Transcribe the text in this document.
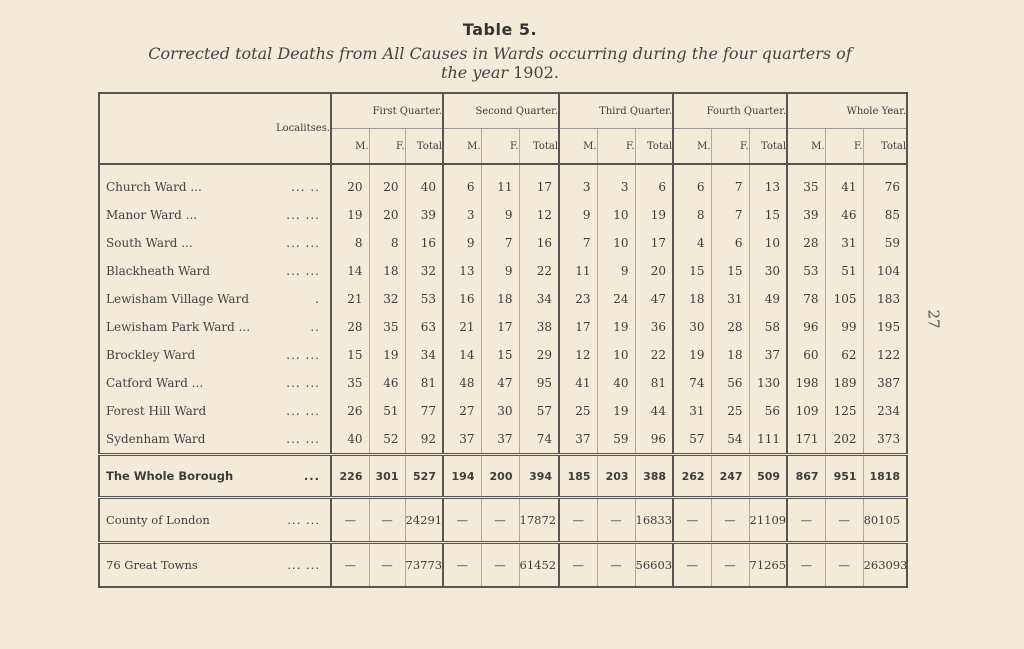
Table 5.
Corrected total Deaths from All Causes in Wards occurring during the four quarters of
the year 1902.
27
Localitses.	First Quarter.			Second Quarter.			Third Quarter.			Fourth Quarter.			Whole Year.		
	M.	F.	Total	M.	F.	Total	M.	F.	Total	M.	F.	Total	M.	F.	Total
Church Ward ... ... ..	20	20	40	6	11	17	3	3	6	6	7	13	35	41	76
Manor Ward ... ... ...	19	20	39	3	9	12	9	10	19	8	7	15	39	46	85
South Ward ... ... ...	8	8	16	9	7	16	7	10	17	4	6	10	28	31	59
Blackheath Ward ... ...	14	18	32	13	9	22	11	9	20	15	15	30	53	51	104
Lewisham Village Ward .	21	32	53	16	18	34	23	24	47	18	31	49	78	105	183
Lewisham Park Ward ... ..	28	35	63	21	17	38	17	19	36	30	28	58	96	99	195
Brockley Ward ... ...	15	19	34	14	15	29	12	10	22	19	18	37	60	62	122
Catford Ward ... ... ...	35	46	81	48	47	95	41	40	81	74	56	130	198	189	387
Forest Hill Ward ... ...	26	51	77	27	30	57	25	19	44	31	25	56	109	125	234
Sydenham Ward ... ...	40	52	92	37	37	74	37	59	96	57	54	111	171	202	373
The Whole Borough ...	226	301	527	194	200	394	185	203	388	262	247	509	867	951	1818
County of London ... ...	—	—	24291	—	—	17872	—	—	16833	—	—	21109	—	—	80105
76 Great Towns ... ...	—	—	73773	—	—	61452	—	—	56603	—	—	71265	—	—	263093
